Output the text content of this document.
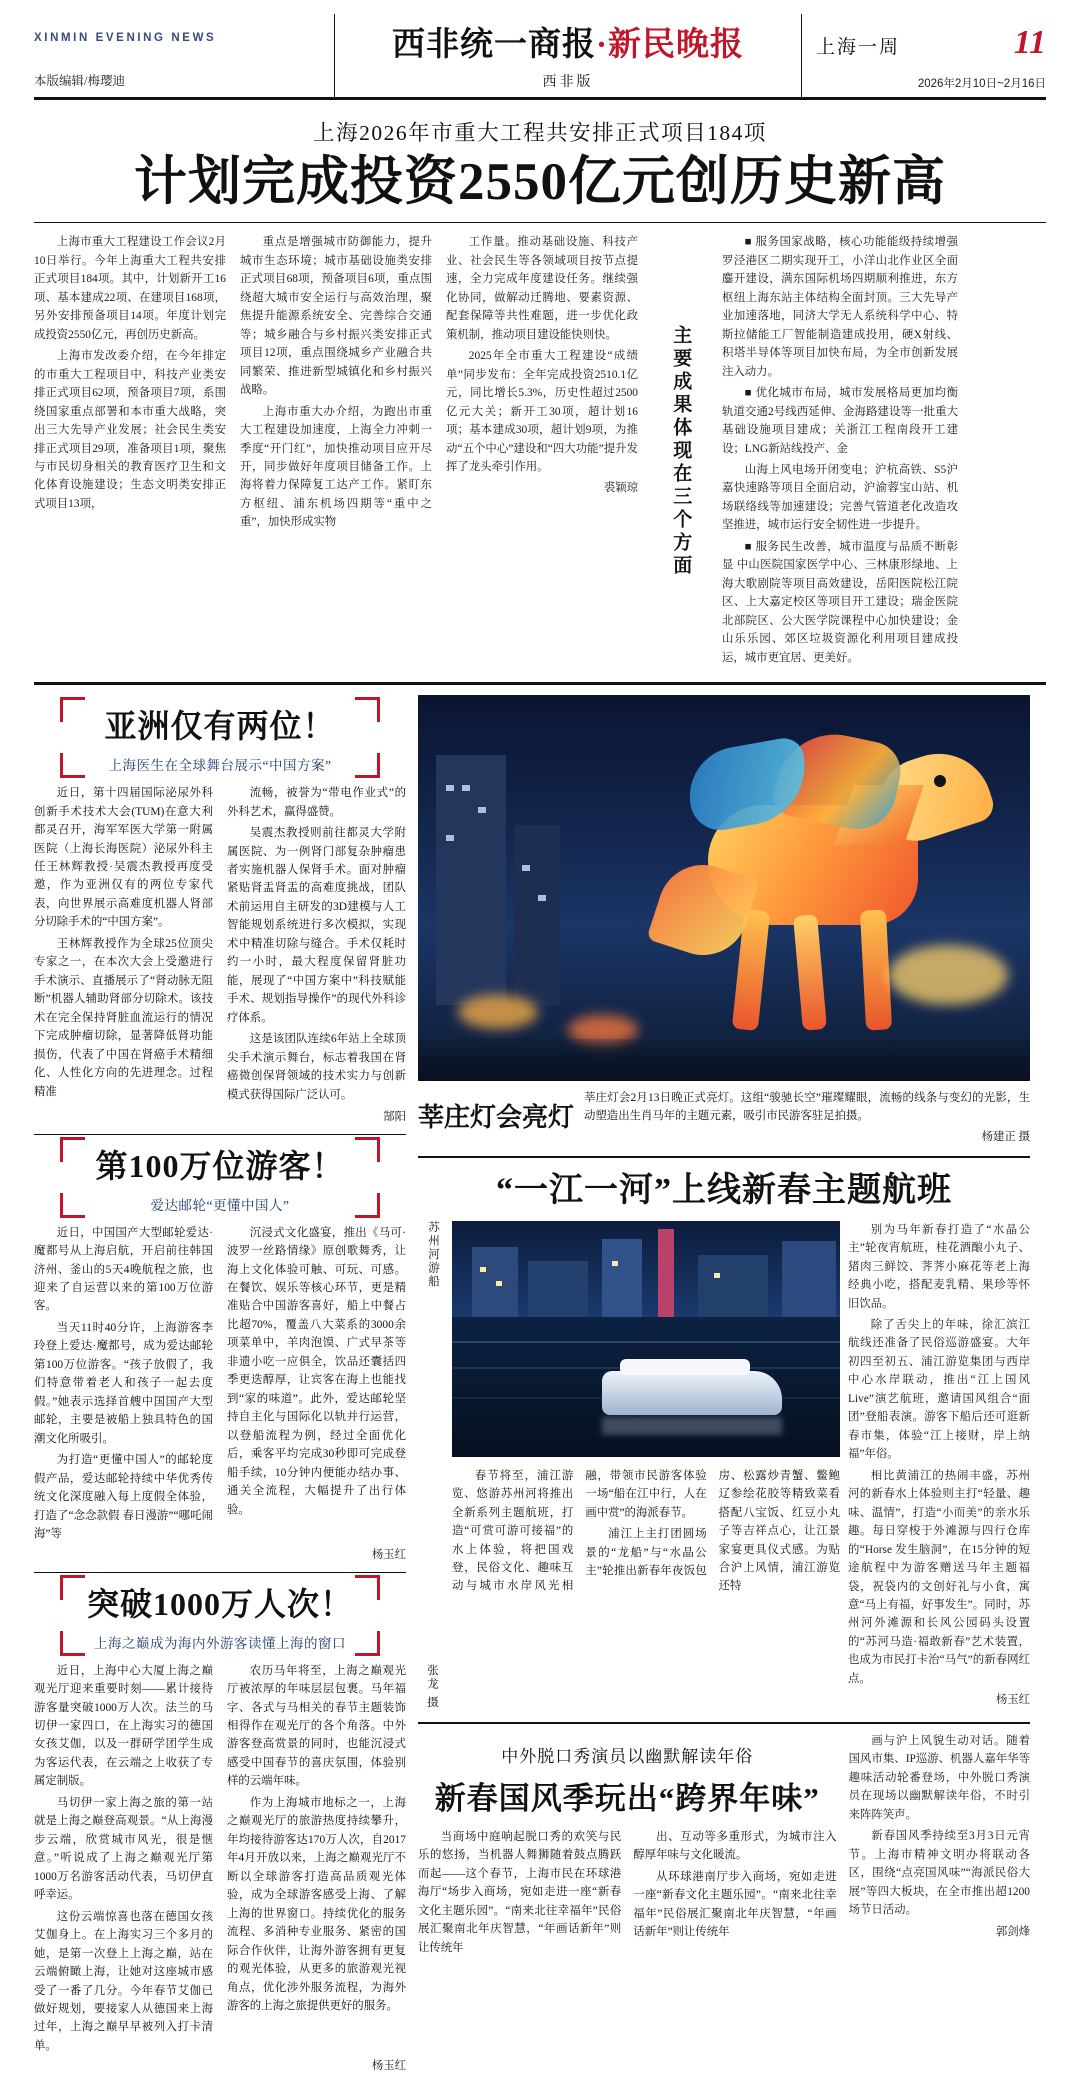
XINMIN EVENING NEWS
本版编辑/梅璎迪
西非统一商报·新民晚报
西非版
上海一周	11
2026年2月10日~2月16日
上海2026年市重大工程共安排正式项目184项
计划完成投资2550亿元创历史新高

上海市重大工程建设工作会议2月10日举行。今年上海重大工程共安排正式项目184项。其中，计划新开工16项、基本建成22项、在建项目168项，另外安排预备项目14项。年度计划完成投资2550亿元，再创历史新高。

上海市发改委介绍，在今年排定的市重大工程项目中，科技产业类安排正式项目62项，预备项目7项，系围绕国家重点部署和本市重大战略，突出三大先导产业发展；社会民生类安排正式项目29项，准备项目1项，聚焦与市民切身相关的教育医疗卫生和文化体育设施建设；生态文明类安排正式项目13项，

重点是增强城市防御能力，提升城市生态环境；城市基础设施类安排正式项目68项，预备项目6项，重点围绕超大城市安全运行与高效治理，聚焦提升能源系统安全、完善综合交通等；城乡融合与乡村振兴类安排正式项目12项，重点围绕城乡产业融合共同繁荣、推进新型城镇化和乡村振兴战略。

上海市重大办介绍，为跑出市重大工程建设加速度，上海全力冲刺一季度“开门红”，加快推动项目应开尽开，同步做好年度项目储备工作。上海将着力保障复工达产工作。紧盯东方枢纽、浦东机场四期等“重中之重”，加快形成实物

工作量。推动基础设施、科技产业、社会民生等各领域项目按节点提速，全力完成年度建设任务。继续强化协同，做解动迁腾地、要素资源、配套保障等共性难题，进一步优化政策机制，推动项目建设能快则快。

2025年全市重大工程建设“成绩单”同步发布：全年完成投资2510.1亿元，同比增长5.3%，历史性超过2500亿元大关；新开工30项，超计划16项；基本建成30项，超计划9项，为推动“五个中心”建设和“四大功能”提升发挥了龙头牵引作用。

裘颖琼 主要成果体现在三个方面

■ 服务国家战略，核心功能能级持续增强 罗泾港区二期实现开工，小洋山北作业区全面鏖开建设，满东国际机场四期顺利推进，东方枢纽上海东站主体结构全面封顶。三大先导产业加速落地，同济大学无人系统科学中心、特斯拉储能工厂智能制造建成投用，硬X射线、积塔半导体等项目加快布局，为全市创新发展注入动力。

■ 优化城市布局，城市发展格局更加均衡 轨道交通2号线西延伸、金海路建设等一批重大基础设施项目建成；关浙江工程南段开工建设；LNG新站线投产、金

山海上风电场开闭变电；沪杭高铁、S5沪嘉快速路等项目全面启动，沪渝蓉宝山站、机场联络线等加速建设；完善气管道老化改造攻坚推进，城市运行安全韧性进一步提升。

■ 服务民生改善，城市温度与品质不断彰显 中山医院国家医学中心、三林康形绿地、上海大歌剧院等项目高效建设，岳阳医院松江院区、上大嘉定校区等项目开工建设；瑞金医院北部院区、公大医学院课程中心加快建设；金山乐乐园、郊区垃圾资源化利用项目建成投运，城市更宜居、更美好。

亚洲仅有两位！
上海医生在全球舞台展示“中国方案”

近日，第十四届国际泌尿外科创新手术技术大会(TUM)在意大利都灵召开，海军军医大学第一附属医院（上海长海医院）泌尿外科主任王林辉教授·吴震杰教授再度受邀，作为亚洲仅有的两位专家代表，向世界展示高难度机器人肾部分切除手术的“中国方案”。

王林辉教授作为全球25位顶尖专家之一，在本次大会上受邀进行手术演示、直播展示了“肾动脉无阻断”机器人辅助肾部分切除术。该技术在完全保持肾脏血流运行的情况下完成肿瘤切除，显著降低肾功能损伤，代表了中国在肾癌手术精细化、人性化方向的先进理念。过程精准

流畅，被誉为“带电作业式”的外科艺术，赢得盛赞。

吴震杰教授则前往都灵大学附属医院、为一例肾门部复杂肿瘤患者实施机器人保肾手术。面对肿瘤紧贴肾盂肾盂的高难度挑战，团队术前运用自主研发的3D建模与人工智能规划系统进行多次模拟，实现术中精准切除与缝合。手术仅耗时约一小时，最大程度保留肾脏功能，展现了“中国方案中”科技赋能手术、规划指导操作”的现代外科诊疗体系。

这是该团队连续6年站上全球顶尖手术演示舞台，标志着我国在肾癌微创保肾领域的技术实力与创新模式获得国际广泛认可。

郜阳
第100万位游客！
爱达邮轮“更懂中国人”

近日，中国国产大型邮轮爱达·魔都号从上海启航，开启前往韩国济州、釜山的5天4晚航程之旅，也迎来了自运营以来的第100万位游客。

当天11时40分许，上海游客李玲登上爱达·魔都号，成为爱达邮轮第100万位游客。“孩子放假了，我们特意带着老人和孩子一起去度假。”她表示选择首艘中国国产大型邮轮，主要是被船上独具特色的国潮文化所吸引。

为打造“更懂中国人”的邮轮度假产品，爱达邮轮持续中华优秀传统文化深度融入每上度假全体验，打造了“念念款假 春日漫游”“哪吒闹海”等

沉浸式文化盛宴，推出《马可·波罗一丝路情缘》原创歌舞秀，让海上文化体验可触、可玩、可感。在餐饮、娱乐等核心环节，更是精准贴合中国游客喜好，船上中餐占比超70%，覆盖八大菜系的3000余项菜单中，羊肉泡馍、广式早茶等非遗小吃一应俱全，饮品还囊括四季更迭醇厚，让宾客在海上也能找到“家的味道”。此外，爱达邮轮坚持自主化与国际化以轨并行运营，以登船流程为例，经过全面优化后，乘客平均完成30秒即可完成登船手续，10分钟内便能办结办事、通关全流程，大幅提升了出行体验。

杨玉红
突破1000万人次！
上海之巅成为海内外游客读懂上海的窗口

近日，上海中心大厦上海之巅观光厅迎来重要时刻——累计接待游客量突破1000万人次。法兰的马切伊一家四口，在上海实习的德国女孩艾伽，以及一群研学团学生成为客运代表，在云端之上收获了专属定制版。

马切伊一家上海之旅的第一站就是上海之巅登高观景。“从上海漫步云端，欣赏城市风光，很是惬意。”听说成了上海之巅观光厅第1000万名游客活动代表，马切伊直呼幸运。

这份云端惊喜也落在德国女孩艾伽身上。在上海实习三个多月的她，是第一次登上上海之巅，站在云端俯瞰上海，让她对这座城市感受了一番了几分。今年春节艾伽已做好规划，要接家人从德国来上海过年，上海之巅早早被列入打卡清单。

农历马年将至，上海之巅观光厅被浓厚的年味层层包裹。马年福字、各式与马相关的春节主题装饰相得作在观光厅的各个角落。中外游客登高赏景的同时，也能沉浸式感受中国春节的喜庆氛围，体验别样的云端年味。

作为上海城市地标之一，上海之巅观光厅的旅游热度持续攀升，年均接待游客达170万人次，自2017年4月开放以来，上海之巅观光厅不断以全球游客打造高品质观光体验，成为全球游客感受上海、了解上海的世界窗口。持续优化的服务流程、多消种专业服务、紧密的国际合作伙伴，让海外游客拥有更复的观光体验，从更多的旅游观光视角点，优化涉外服务流程，为海外游客的上海之旅提供更好的服务。

杨玉红
莘庄灯会亮灯
莘庄灯会2月13日晚正式亮灯。这组“骏驰长空”璀璨耀眼，流畅的线条与变幻的光影，生动塑造出生肖马年的主题元素，吸引市民游客驻足拍摄。
杨建正 摄
“一江一河”上线新春主题航班
苏州河游船
张龙 摄

春节将至，浦江游览、悠游苏州河将推出全新系列主题航班，打造“可赏可游可接福”的水上体验，将把国戏登，民俗文化、趣味互动与城市水岸风光相融，带领市民游客体验一场“船在江中行，人在画中赏”的海派春节。

浦江上主打团圆场景的“龙船”与“水晶公主”轮推出新春年夜饭包房、松露炒青蟹、鳖鲍辽参绘花胶等精致菜看搭配八宝饭、红豆小丸子等吉祥点心，让江景家宴更具仪式感。为贴合沪上风情，浦江游览还特

别为马年新春打造了“水晶公主”轮夜宵航班，桂花酒酿小丸子、猪肉三鲜饺、荠荠小麻花等老上海经典小吃，搭配麦乳精、果珍等怀旧饮品。

除了舌尖上的年味，徐汇滨江航线还准备了民俗巡游盛宴。大年初四至初五、浦江游览集团与西岸中心水岸联动，推出“江上国风Live”演艺航班，邀请国风组合“面团”登船表演。游客下船后还可逛新春市集，体验“江上接财，岸上纳福”年俗。

相比黄浦江的热闹丰盛，苏州河的新春水上体验则主打“轻量、趣味、温情”，打造“小而美”的亲水乐趣。每日穿梭于外滩源与四行仓库的“Horse 发生脑洞”，在15分钟的短途航程中为游客赠送马年主题福袋，祝袋内的文创好礼与小食，寓意“马上有福，好事发生”。同时，苏州河外滩源和长风公园码头设置的“苏河马造·福敢新春”艺术装置，也成为市民打卡治“马气”的新春网红点。

杨玉红
中外脱口秀演员以幽默解读年俗
新春国风季玩出“跨界年味”

当商场中庭响起脱口秀的欢笑与民乐的悠扬，当机器人舞狮随着鼓点腾跃而起——这个春节，上海市民在环球港海厅“场步入商场，宛如走进一座“新春文化主题乐园”。“南来北往幸福年”民俗展汇聚南北年庆智慧，“年画话新年”则让传统年

出、互动等多重形式，为城市注入醇厚年味与文化暖流。

从环球港南厅步入商场，宛如走进一座“新春文化主题乐园”。“南来北往幸福年”民俗展汇聚南北年庆智慧，“年画话新年”则让传统年

画与沪上风貌生动对话。随着国风市集、IP巡游、机器人嘉年华等趣味活动轮番登场，中外脱口秀演员在现场以幽默解读年俗，不时引来阵阵笑声。

新春国风季持续至3月3日元宵节。上海市精神文明办将联动各区，围绕“点亮国风味”“海派民俗大展”等四大板块，在全市推出超1200场节日活动。

郭剑烽
